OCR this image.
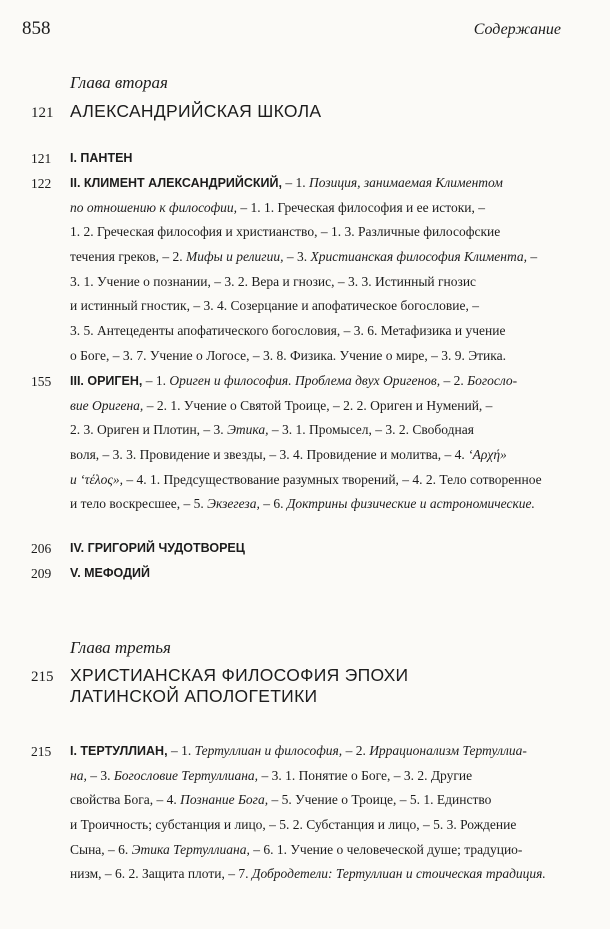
858	Содержание
Глава вторая
121 АЛЕКСАНДРИЙСКАЯ ШКОЛА
121 I. ПАНТЕН
122 II. КЛИМЕНТ АЛЕКСАНДРИЙСКИЙ, – 1. Позиция, занимаемая Климентом
по отношению к философии, – 1. 1. Греческая философия и ее истоки, –
1. 2. Греческая философия и христианство, – 1. 3. Различные философские
течения греков, – 2. Мифы и религии, – 3. Христианская философия Климента, –
3. 1. Учение о познании, – 3. 2. Вера и гнозис, – 3. 3. Истинный гнозис
и истинный гностик, – 3. 4. Созерцание и апофатическое богословие, –
3. 5. Антецеденты апофатического богословия, – 3. 6. Метафизика и учение
о Боге, – 3. 7. Учение о Логосе, – 3. 8. Физика. Учение о мире, – 3. 9. Этика.
155 III. ОРИГЕН, – 1. Ориген и философия. Проблема двух Оригенов, – 2. Богосло-
вие Оригена, – 2. 1. Учение о Святой Троице, – 2. 2. Ориген и Нумений, –
2. 3. Ориген и Плотин, – 3. Этика, – 3. 1. Промысел, – 3. 2. Свободная
воля, – 3. 3. Провидение и звезды, – 3. 4. Провидение и молитва, – 4. ‘Αρχή»
и ‘τέλος», – 4. 1. Предсуществование разумных творений, – 4. 2. Тело сотворенное
и тело воскресшее, – 5. Экзегеза, – 6. Доктрины физические и астрономические.
206 IV. ГРИГОРИЙ ЧУДОТВОРЕЦ
209 V. МЕФОДИЙ
Глава третья
215 ХРИСТИАНСКАЯ ФИЛОСОФИЯ ЭПОХИ
ЛАТИНСКОЙ АПОЛОГЕТИКИ
215 I. ТЕРТУЛЛИАН, – 1. Тертуллиан и философия, – 2. Иррационализм Тертуллиа-
на, – 3. Богословие Тертуллиана, – 3. 1. Понятие о Боге, – 3. 2. Другие
свойства Бога, – 4. Познание Бога, – 5. Учение о Троице, – 5. 1. Единство
и Троичность; субстанция и лицо, – 5. 2. Субстанция и лицо, – 5. 3. Рождение
Сына, – 6. Этика Тертуллиана, – 6. 1. Учение о человеческой душе; традуцио-
низм, – 6. 2. Защита плоти, – 7. Добродетели: Тертуллиан и стоическая традиция.
